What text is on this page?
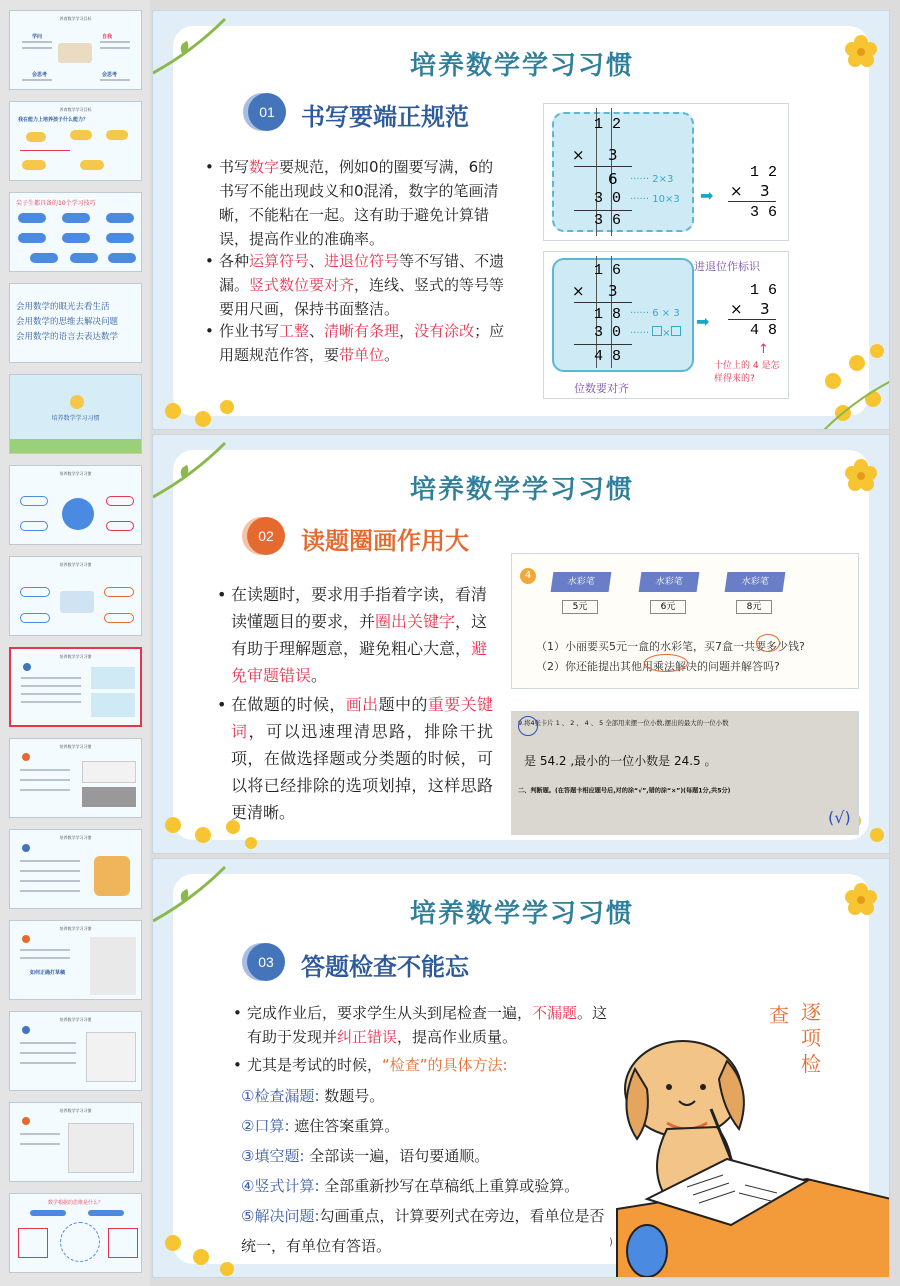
养育数学学习目标
学问	自我
会思考	会思考
养育数学学习目标
我在能力上培养孩子什么能力？
尖子生都具备的10个学习技巧
会用数学的眼光去看生活
会用数学的思维去解决问题
会用数学的语言去表达数学
培养数学学习习惯
培养数学学习习惯
培养数学学习习惯
培养数学学习习惯
培养数学学习习惯
培养数学学习习惯
培养数学学习习惯
如何正确打草稿
培养数学学习习惯
培养数学学习习惯
数学根据的思维是什么？
培养数学学习习惯
01	书写要端正规范
• 书写数字要规范，例如0的圈要写满，6的书写不能出现歧义和0混淆，数字的笔画清晰，不能粘在一起。这有助于避免计算错误，提高作业的准确率。
• 各种运算符号、进退位符号等不写错、不遗漏。竖式数位要对齐，连线、竖式的等号等要用尺画，保持书面整洁。
• 作业书写工整、清晰有条理，没有涂改；应用题规范作答，要带单位。
1 2
× 3
6
3 0
3 6
······ 2×3
······ 10×3 ➡
1 2
× 3
3 6
1 6
× 3
1 8
3 0
4 8
······ 6 × 3
······ ×
进退位作标识
➡
1 6
× 3
4 8
↑
十位上的 4 是怎样得来的?
位数要对齐
培养数学学习习惯
02	读题圈画作用大
• 在读题时，要求用手指着字读，看清读懂题目的要求，并圈出关键字，这有助于理解题意，避免粗心大意，避免审题错误。
• 在做题的时候，画出题中的重要关键词，可以迅速理清思路，排除干扰项，在做选择题或分类题的时候，可以将已经排除的选项划掉，这样思路更清晰。
4
水彩笔
5元
水彩笔
6元
水彩笔
8元
（1）小丽要买5元一盒的水彩笔，买7盒一共要多少钱?
（2）你还能提出其他用乘法解决的问题并解答吗?
9.将4张卡片 1 、 2 、 4 、 5 全部用来摆一位小数,摆出的最大的一位小数
是 54.2 ,最小的一位小数是 24.5 。
二、判断题。(在答题卡相应题号后,对的涂“√”,错的涂“×”)(每题1分,共5分)
(√)
培养数学学习习惯
03	答题检查不能忘
• 完成作业后，要求学生从头到尾检查一遍，不漏题。这有助于发现并纠正错误，提高作业质量。
• 尤其是考试的时候，“检查”的具体方法:
①检查漏题: 数题号。
②口算: 遮住答案重算。
③填空题: 全部读一遍，语句要通顺。
④竖式计算: 全部重新抄写在草稿纸上重算或验算。
⑤解决问题:勾画重点，计算要列式在旁边，看单位是否统一，有单位有答语。
查 逐
项
检
)
